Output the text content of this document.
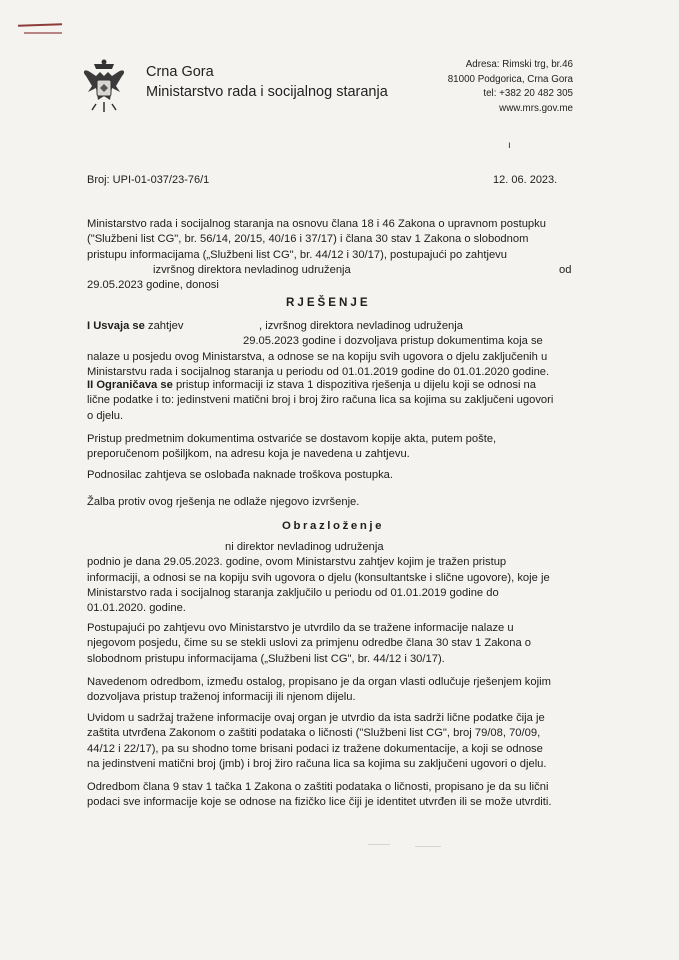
Crna Gora
Ministarstvo rada i socijalnog staranja
Adresa: Rimski trg, br.46
81000 Podgorica, Crna Gora
tel: +382 20 482 305
www.mrs.gov.me
ı
Broj: UPI-01-037/23-76/1	12. 06. 2023.
Ministarstvo rada i socijalnog staranja na osnovu člana 18 i 46 Zakona o upravnom postupku
("Službeni list CG", br. 56/14, 20/15, 40/16 i 37/17) i člana 30 stav 1 Zakona o slobodnom
pristupu informacijama („Službeni list CG", br. 44/12 i 30/17), postupajući po zahtjevu
izvršnog direktora nevladinog udruženja	od
29.05.2023 godine, donosi
RJEŠENJE
I Usvaja se zahtjev	, izvršnog direktora nevladinog udruženja
29.05.2023 godine i dozvoljava pristup dokumentima koja se
nalaze u posjedu ovog Ministarstva, a odnose se na kopiju svih ugovora o djelu zaključenih u
Ministarstvu rada i socijalnog staranja u periodu od 01.01.2019 godine do 01.01.2020 godine.
II Ograničava se pristup informaciji iz stava 1 dispozitiva rješenja u dijelu koji se odnosi na
lične podatke i to: jedinstveni matični broj i broj žiro računa lica sa kojima su zaključeni ugovori
o djelu.
Pristup predmetnim dokumentima ostvariće se dostavom kopije akta, putem pošte,
preporučenom pošiljkom, na adresu koja je navedena u zahtjevu.
Podnosilac zahtjeva se oslobađa naknade troškova postupka.
Žalba protiv ovog rješenja ne odlaže njegovo izvršenje.
Obrazloženje
ni direktor nevladinog udruženja
podnio je dana 29.05.2023. godine, ovom Ministarstvu zahtjev kojim je tražen pristup
informaciji, a odnosi se na kopiju svih ugovora o djelu (konsultantske i slične ugovore), koje je
Ministarstvo rada i socijalnog staranja zaključilo u periodu od 01.01.2019 godine do
01.01.2020. godine.
Postupajući po zahtjevu ovo Ministarstvo je utvrdilo da se tražene informacije nalaze u
njegovom posjedu, čime su se stekli uslovi za primjenu odredbe člana 30 stav 1 Zakona o
slobodnom pristupu informacijama („Službeni list CG", br. 44/12 i 30/17).
Navedenom odredbom, između ostalog, propisano je da organ vlasti odlučuje rješenjem kojim
dozvoljava pristup traženoj informaciji ili njenom dijelu.
Uvidom u sadržaj tražene informacije ovaj organ je utvrdio da ista sadrži lične podatke čija je
zaštita utvrđena Zakonom o zaštiti podataka o ličnosti ("Službeni list CG", broj 79/08, 70/09,
44/12 i 22/17), pa su shodno tome brisani podaci iz tražene dokumentacije, a koji se odnose
na jedinstveni matični broj (jmb) i broj žiro računa lica sa kojima su zaključeni ugovori o djelu.
Odredbom člana 9 stav 1 tačka 1 Zakona o zaštiti podataka o ličnosti, propisano je da su lični
podaci sve informacije koje se odnose na fizičko lice čiji je identitet utvrđen ili se može utvrditi.
